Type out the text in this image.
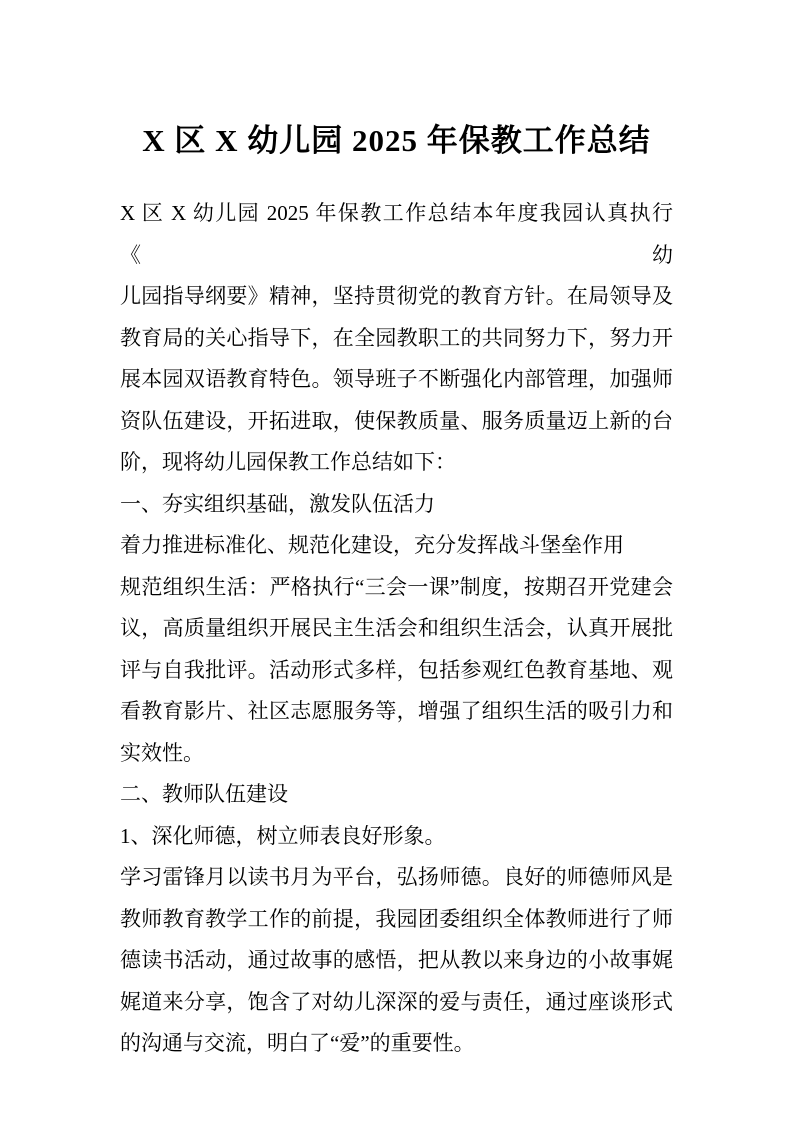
X 区 X 幼儿园 2025 年保教工作总结
X 区 X 幼儿园 2025 年保教工作总结本年度我园认真执行《幼
儿园指导纲要》精神，坚持贯彻党的教育方针。在局领导及
教育局的关心指导下，在全园教职工的共同努力下，努力开
展本园双语教育特色。领导班子不断强化内部管理，加强师
资队伍建设，开拓进取，使保教质量、服务质量迈上新的台
阶，现将幼儿园保教工作总结如下：
一、夯实组织基础，激发队伍活力
着力推进标准化、规范化建设，充分发挥战斗堡垒作用
规范组织生活：严格执行“三会一课”制度，按期召开党建会
议，高质量组织开展民主生活会和组织生活会，认真开展批
评与自我批评。活动形式多样，包括参观红色教育基地、观
看教育影片、社区志愿服务等，增强了组织生活的吸引力和
实效性。
二、教师队伍建设
1、深化师德，树立师表良好形象。
学习雷锋月以读书月为平台，弘扬师德。良好的师德师风是
教师教育教学工作的前提，我园团委组织全体教师进行了师
德读书活动，通过故事的感悟，把从教以来身边的小故事娓
娓道来分享，饱含了对幼儿深深的爱与责任，通过座谈形式
的沟通与交流，明白了“爱”的重要性。
